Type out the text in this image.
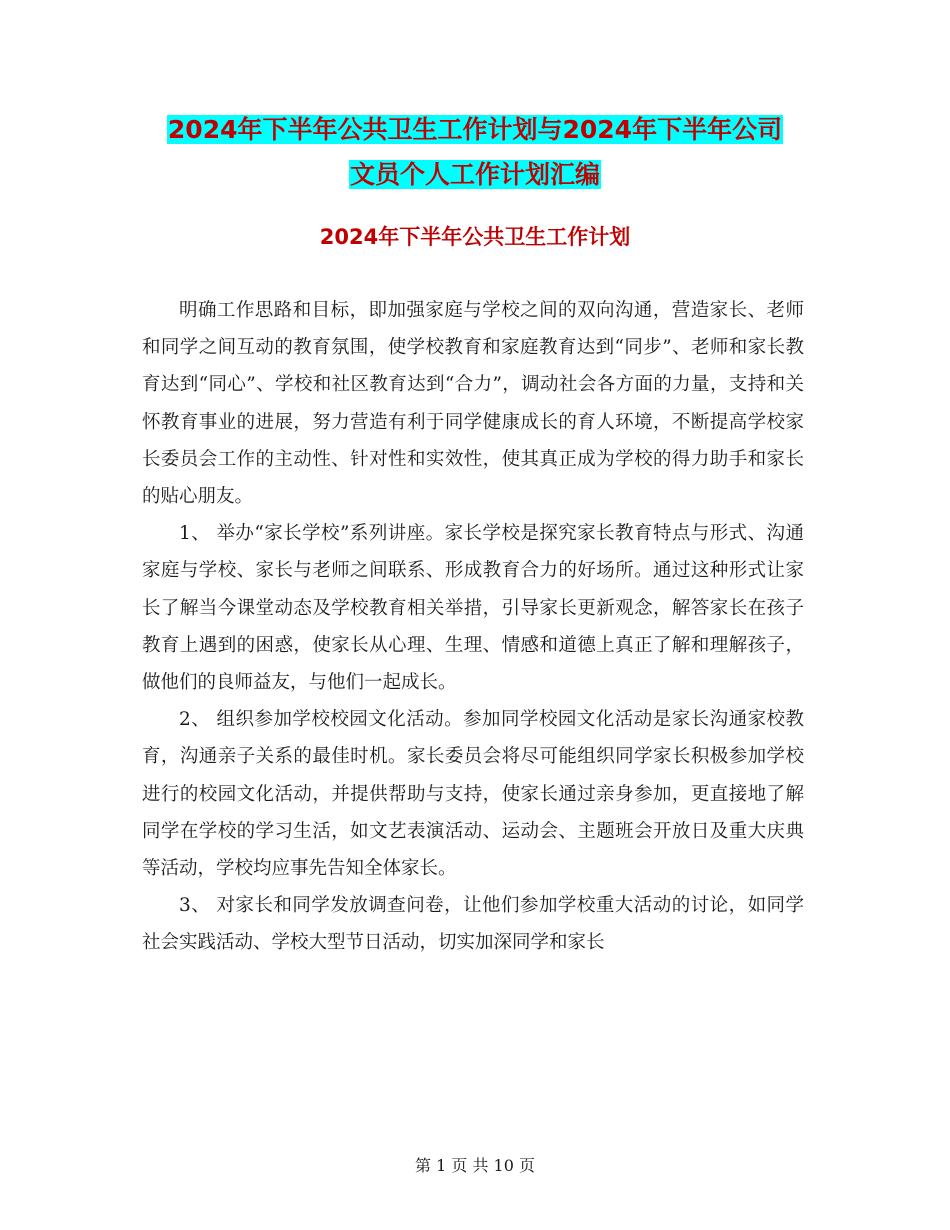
2024年下半年公共卫生工作计划与2024年下半年公司
文员个人工作计划汇编
2024年下半年公共卫生工作计划

明确工作思路和目标，即加强家庭与学校之间的双向沟通，营造家长、老师和同学之间互动的教育氛围，使学校教育和家庭教育达到“同步”、老师和家长教育达到“同心”、学校和社区教育达到“合力”，调动社会各方面的力量，支持和关怀教育事业的进展，努力营造有利于同学健康成长的育人环境，不断提高学校家长委员会工作的主动性、针对性和实效性，使其真正成为学校的得力助手和家长的贴心朋友。

1、 举办“家长学校”系列讲座。家长学校是探究家长教育特点与形式、沟通家庭与学校、家长与老师之间联系、形成教育合力的好场所。通过这种形式让家长了解当今课堂动态及学校教育相关举措，引导家长更新观念，解答家长在孩子教育上遇到的困惑，使家长从心理、生理、情感和道德上真正了解和理解孩子，做他们的良师益友，与他们一起成长。

2、 组织参加学校校园文化活动。参加同学校园文化活动是家长沟通家校教育，沟通亲子关系的最佳时机。家长委员会将尽可能组织同学家长积极参加学校进行的校园文化活动，并提供帮助与支持，使家长通过亲身参加，更直接地了解同学在学校的学习生活，如文艺表演活动、运动会、主题班会开放日及重大庆典等活动，学校均应事先告知全体家长。

3、 对家长和同学发放调查问卷，让他们参加学校重大活动的讨论，如同学社会实践活动、学校大型节日活动，切实加深同学和家长

第 1 页 共 10 页
